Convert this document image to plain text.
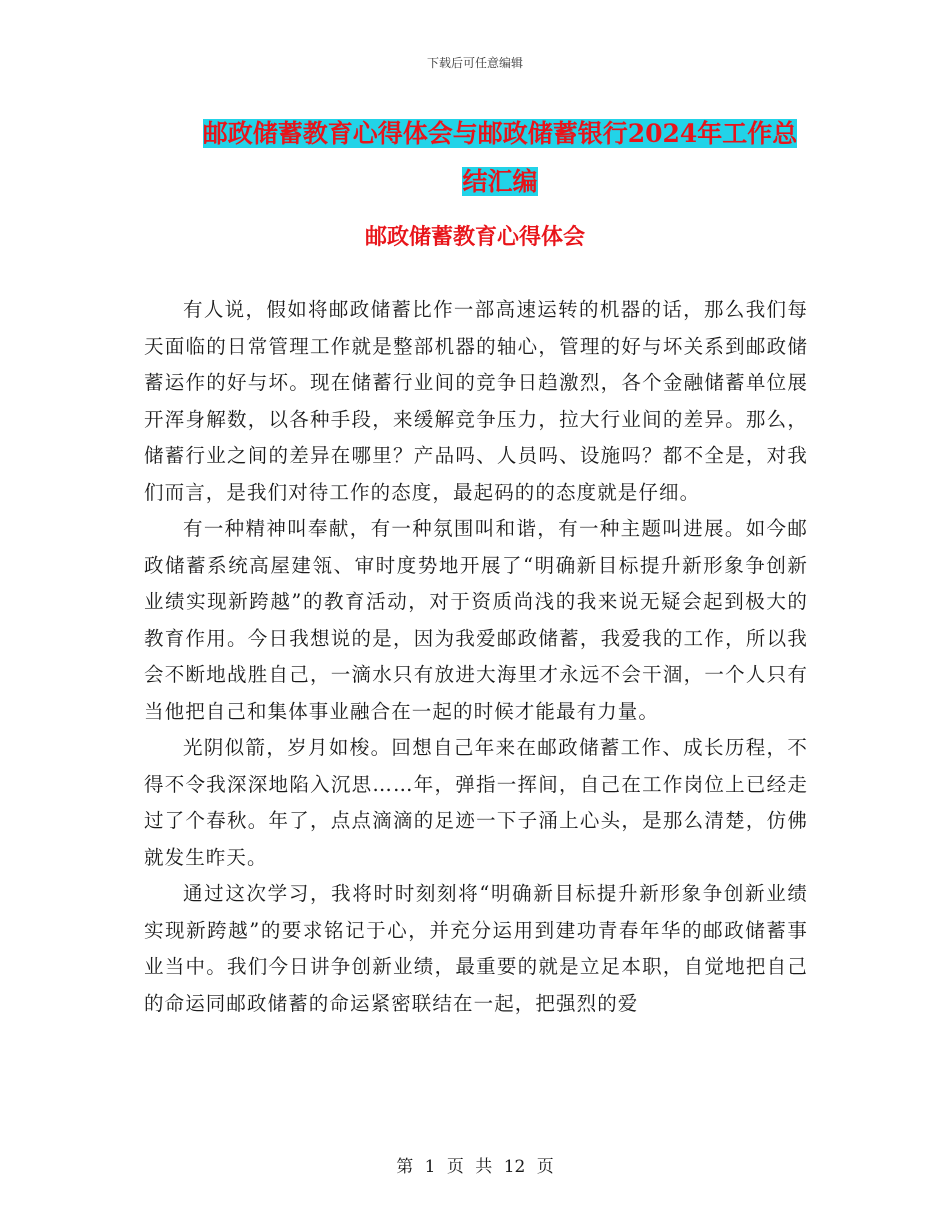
下载后可任意编辑
邮政储蓄教育心得体会与邮政储蓄银行2024年工作总
结汇编
邮政储蓄教育心得体会

有人说，假如将邮政储蓄比作一部高速运转的机器的话，那么我们每天面临的日常管理工作就是整部机器的轴心，管理的好与坏关系到邮政储蓄运作的好与坏。现在储蓄行业间的竞争日趋激烈，各个金融储蓄单位展开浑身解数，以各种手段，来缓解竞争压力，拉大行业间的差异。那么，储蓄行业之间的差异在哪里？产品吗、人员吗、设施吗？都不全是，对我们而言，是我们对待工作的态度，最起码的的态度就是仔细。

有一种精神叫奉献，有一种氛围叫和谐，有一种主题叫进展。如今邮政储蓄系统高屋建瓴、审时度势地开展了“明确新目标提升新形象争创新业绩实现新跨越”的教育活动，对于资质尚浅的我来说无疑会起到极大的教育作用。今日我想说的是，因为我爱邮政储蓄，我爱我的工作，所以我会不断地战胜自己，一滴水只有放进大海里才永远不会干涸，一个人只有当他把自己和集体事业融合在一起的时候才能最有力量。

光阴似箭，岁月如梭。回想自己年来在邮政储蓄工作、成长历程，不得不令我深深地陷入沉思……年，弹指一挥间，自己在工作岗位上已经走过了个春秋。年了，点点滴滴的足迹一下子涌上心头，是那么清楚，仿佛就发生昨天。

通过这次学习，我将时时刻刻将“明确新目标提升新形象争创新业绩实现新跨越”的要求铭记于心，并充分运用到建功青春年华的邮政储蓄事业当中。我们今日讲争创新业绩，最重要的就是立足本职，自觉地把自己的命运同邮政储蓄的命运紧密联结在一起，把强烈的爱

第 1 页 共 12 页
